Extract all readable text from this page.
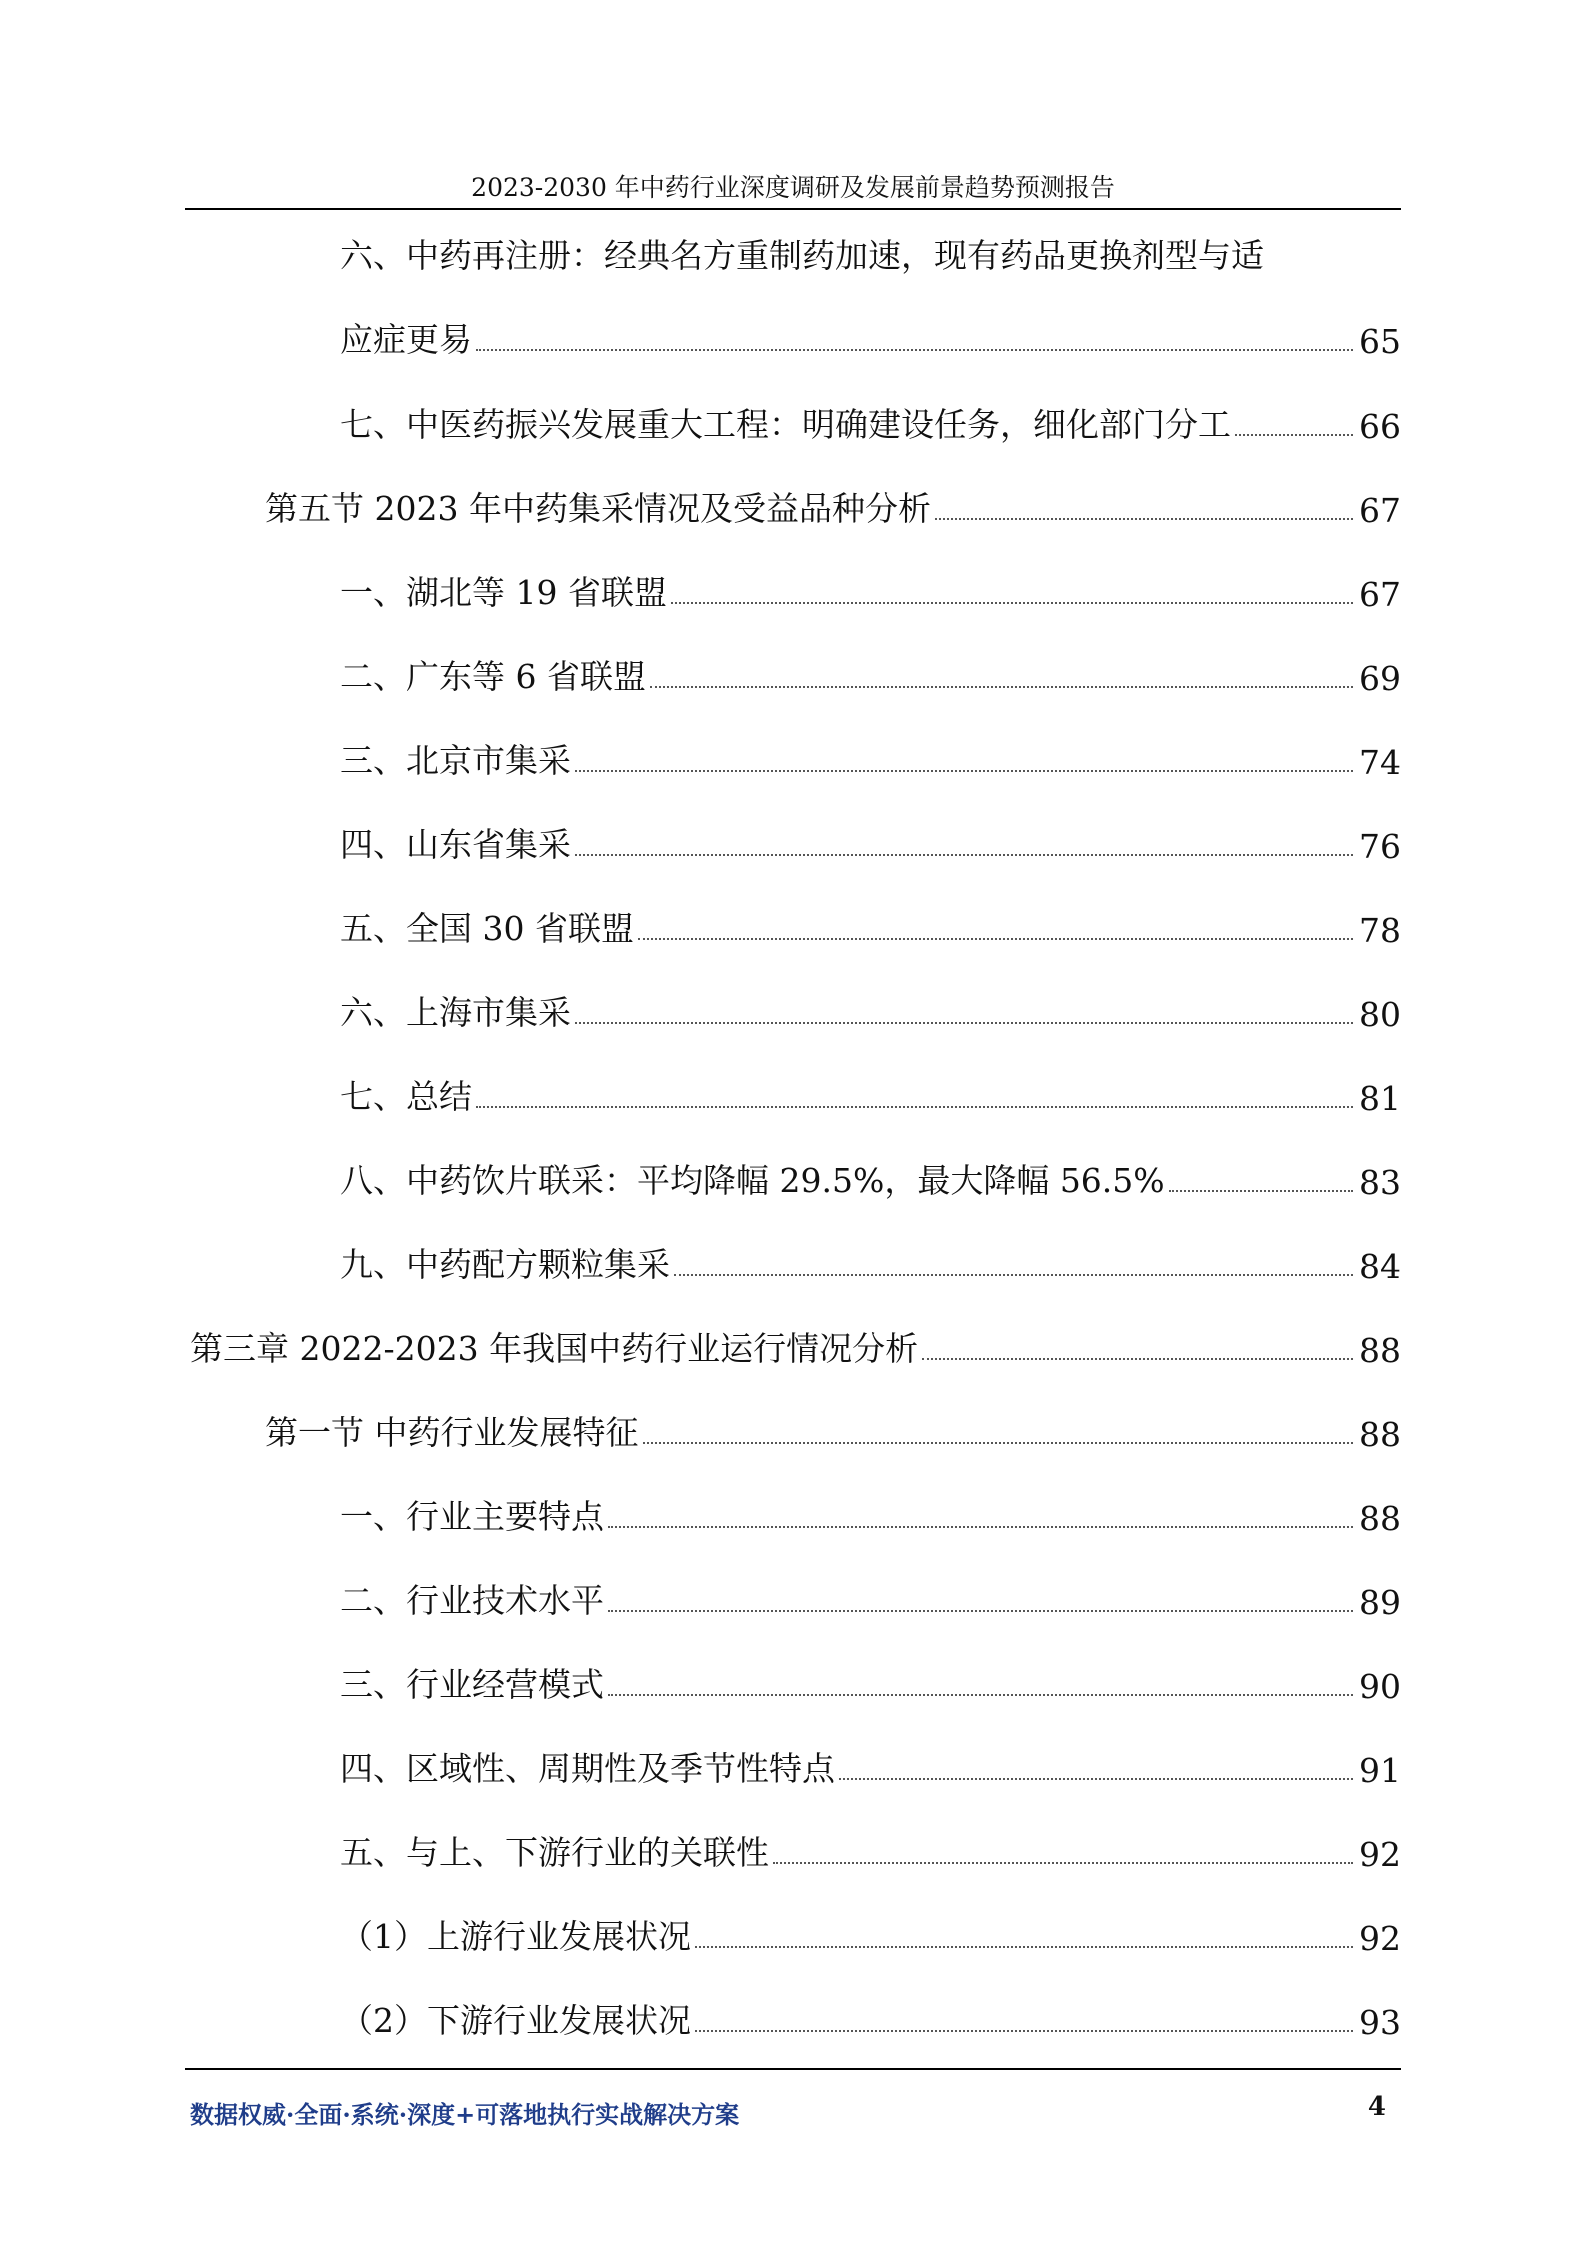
2023-2030 年中药行业深度调研及发展前景趋势预测报告
六、中药再注册：经典名方重制药加速，现有药品更换剂型与适
应症更易	65
七、中医药振兴发展重大工程：明确建设任务，细化部门分工	66
第五节 2023 年中药集采情况及受益品种分析	67
一、湖北等 19 省联盟	67
二、广东等 6 省联盟	69
三、北京市集采	74
四、山东省集采	76
五、全国 30 省联盟	78
六、上海市集采	80
七、总结	81
八、中药饮片联采：平均降幅 29.5%，最大降幅 56.5%	83
九、中药配方颗粒集采	84
第三章 2022-2023 年我国中药行业运行情况分析	88
第一节 中药行业发展特征	88
一、行业主要特点	88
二、行业技术水平	89
三、行业经营模式	90
四、区域性、周期性及季节性特点	91
五、与上、下游行业的关联性	92
（1）上游行业发展状况	92
（2）下游行业发展状况	93
数据权威·全面·系统·深度+可落地执行实战解决方案	4
